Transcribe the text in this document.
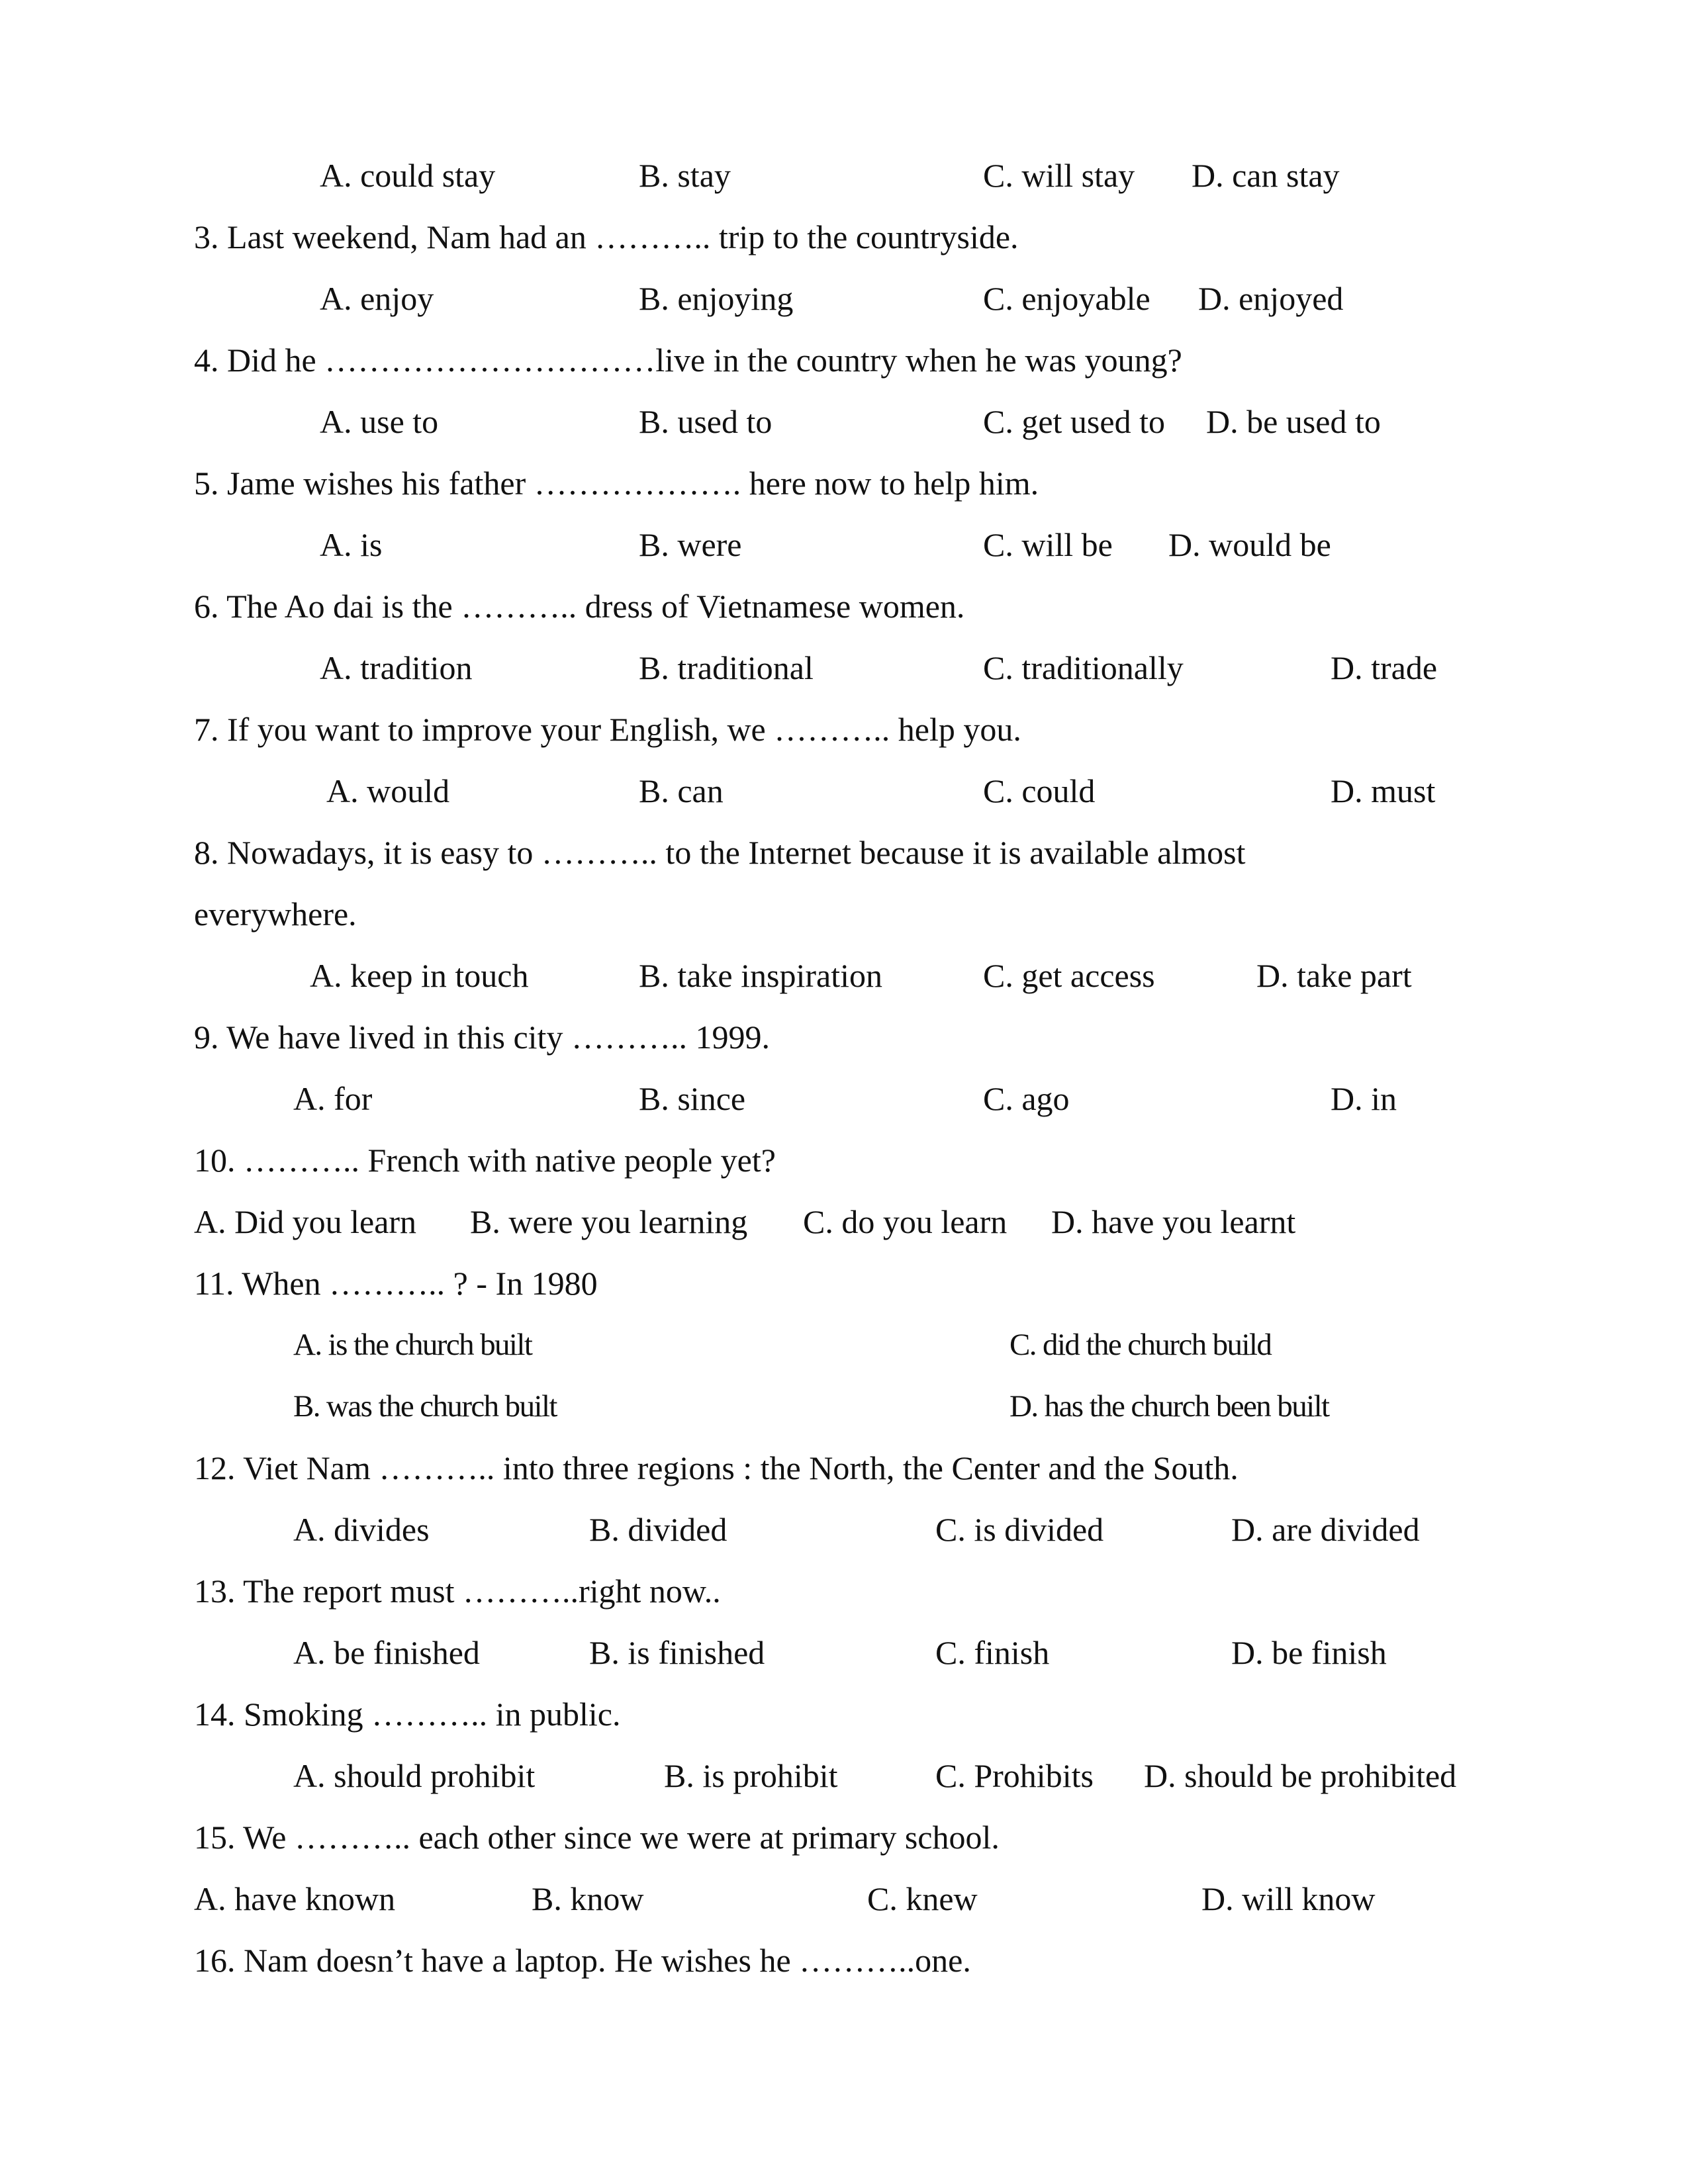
A. could stay	B. stay	C. will stay D. can stay
3. Last weekend, Nam had an ……….. trip to the countryside.
A. enjoy	B. enjoying	C. enjoyable D. enjoyed
4. Did he …………………………live in the country when he was young?
A. use to	B. used to	C. get used to D. be used to
5. Jame wishes his father ………………. here now to help him.
A. is	B. were	C. will be D. would be
6. The Ao dai is the ……….. dress of Vietnamese women.
A. tradition	B. traditional	C. traditionally	D. trade
7. If you want to improve your English, we ……….. help you.
A. would	B. can	C. could	D. must
8. Nowadays, it is easy to ……….. to the Internet because it is available almost
everywhere.
A. keep in touch	B. take inspiration	C. get access	D. take part
9. We have lived in this city ……….. 1999.
A. for	B. since	C. ago	D. in
10. ……….. French with native people yet?
A. Did you learn B. were you learning C. do you learn D. have you learnt
11. When ……….. ? - In 1980
A. is the church built	C. did the church build
B. was the church built	D. has the church been built
12. Viet Nam ……….. into three regions : the North, the Center and the South.
A. divides	B. divided	C. is divided	D. are divided
13. The report must ………..right now..
A. be finished	B. is finished	C. finish	D. be finish
14. Smoking ……….. in public.
A. should prohibit	B. is prohibit	C. Prohibits D. should be prohibited
15. We ……….. each other since we were at primary school.
A. have known	B. know	C. knew	D. will know
16. Nam doesn’t have a laptop. He wishes he ………..one.
